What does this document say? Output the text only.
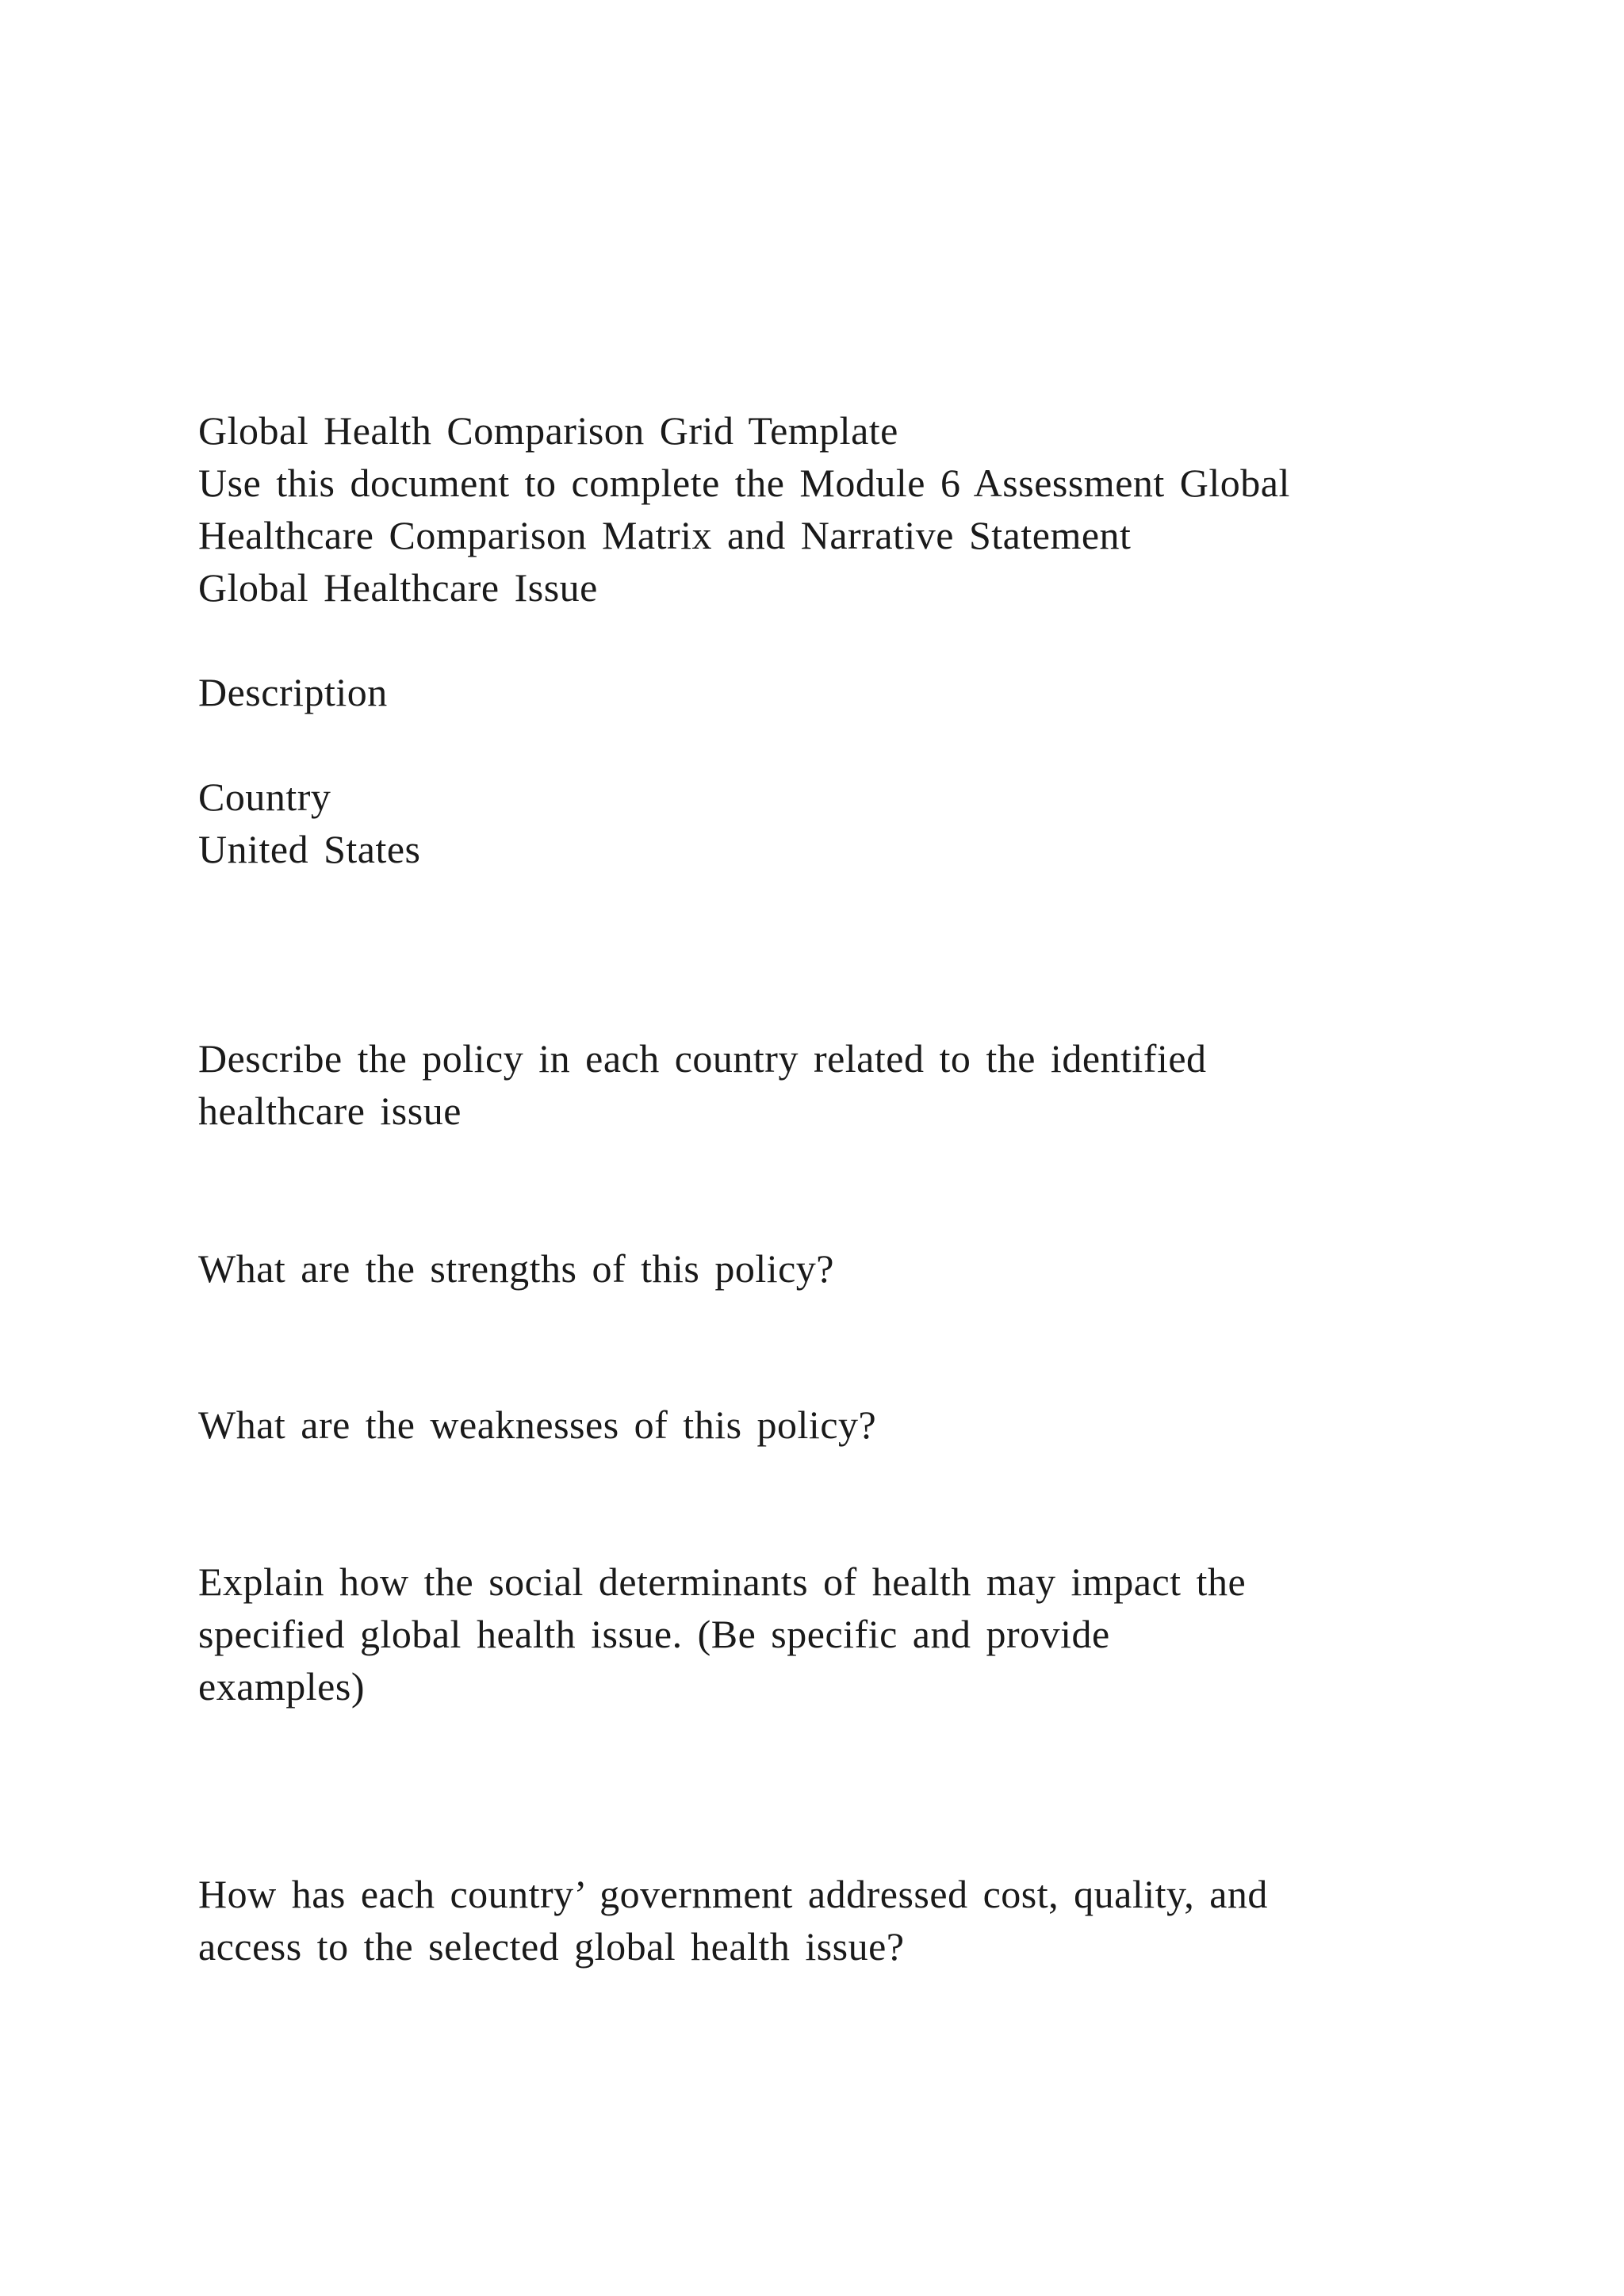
Global Health Comparison Grid Template
Use this document to complete the Module 6 Assessment Global
Healthcare Comparison Matrix and Narrative Statement
Global Healthcare Issue
Description
Country
United States
Describe the policy in each country related to the identified
healthcare issue
What are the strengths of this policy?
What are the weaknesses of this policy?
Explain how the social determinants of health may impact the
specified global health issue. (Be specific and provide
examples)
How has each country’ government addressed cost, quality, and
access to the selected global health issue?
